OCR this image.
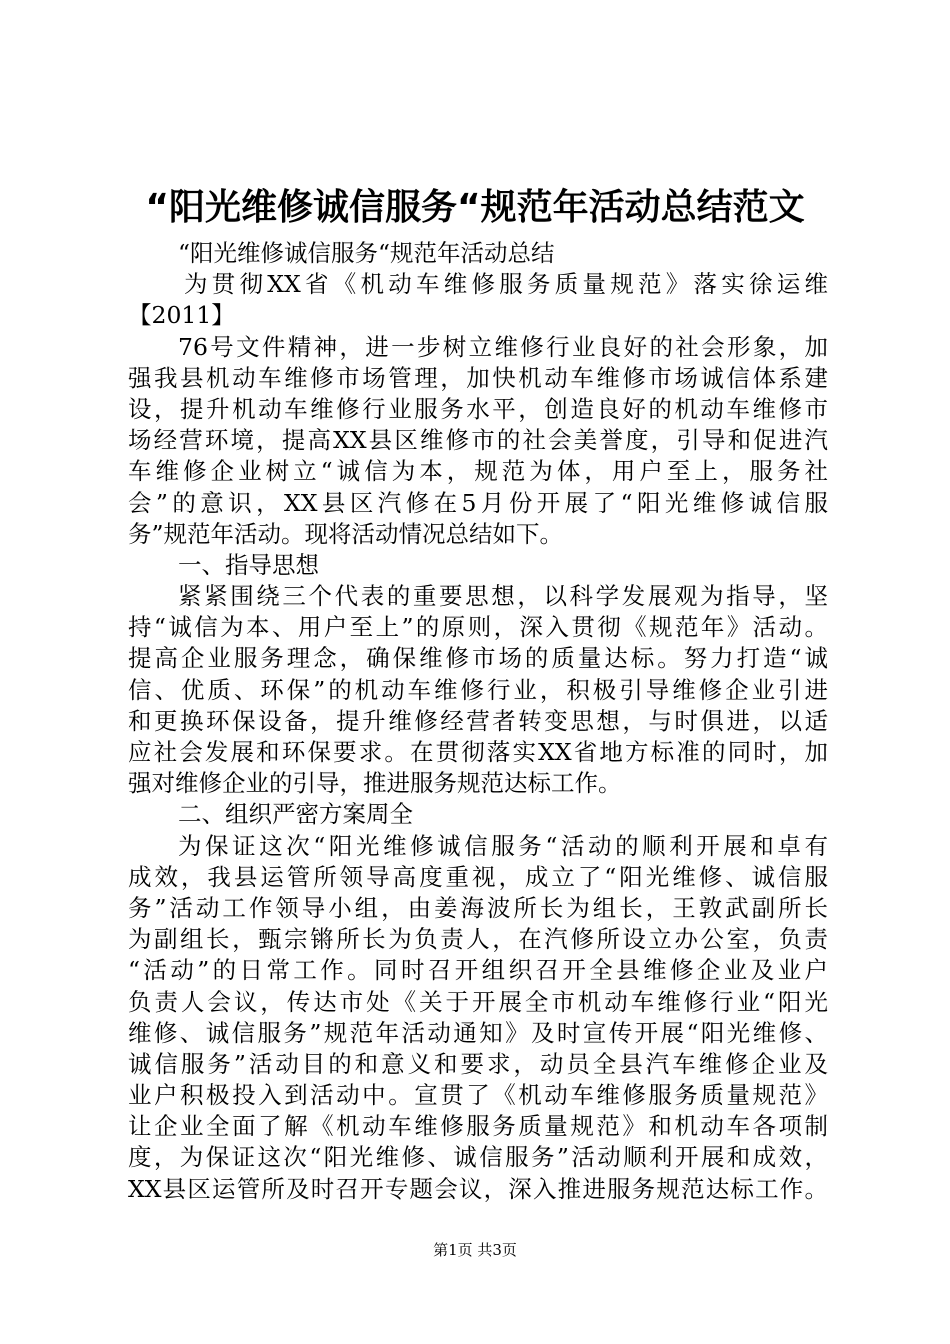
“阳光维修诚信服务“规范年活动总结范文
“阳光维修诚信服务“规范年活动总结
为贯彻XX省《机动车维修服务质量规范》落实徐运维
【2011】
76号文件精神，进一步树立维修行业良好的社会形象，加
强我县机动车维修市场管理，加快机动车维修市场诚信体系建
设，提升机动车维修行业服务水平，创造良好的机动车维修市
场经营环境，提高XX县区维修市的社会美誉度，引导和促进汽
车维修企业树立“诚信为本，规范为体，用户至上，服务社
会”的意识，XX县区汽修在5月份开展了“阳光维修诚信服
务”规范年活动。现将活动情况总结如下。
一、指导思想
紧紧围绕三个代表的重要思想，以科学发展观为指导，坚
持“诚信为本、用户至上”的原则，深入贯彻《规范年》活动。
提高企业服务理念，确保维修市场的质量达标。努力打造“诚
信、优质、环保”的机动车维修行业，积极引导维修企业引进
和更换环保设备，提升维修经营者转变思想，与时俱进，以适
应社会发展和环保要求。在贯彻落实XX省地方标准的同时，加
强对维修企业的引导，推进服务规范达标工作。
二、组织严密方案周全
为保证这次“阳光维修诚信服务“活动的顺利开展和卓有
成效，我县运管所领导高度重视，成立了“阳光维修、诚信服
务”活动工作领导小组，由姜海波所长为组长，王敦武副所长
为副组长，甄宗锵所长为负责人，在汽修所设立办公室，负责
“活动”的日常工作。同时召开组织召开全县维修企业及业户
负责人会议，传达市处《关于开展全市机动车维修行业“阳光
维修、诚信服务”规范年活动通知》及时宣传开展“阳光维修、
诚信服务”活动目的和意义和要求，动员全县汽车维修企业及
业户积极投入到活动中。宣贯了《机动车维修服务质量规范》
让企业全面了解《机动车维修服务质量规范》和机动车各项制
度，为保证这次“阳光维修、诚信服务”活动顺利开展和成效，
XX县区运管所及时召开专题会议，深入推进服务规范达标工作。
第1页 共3页
